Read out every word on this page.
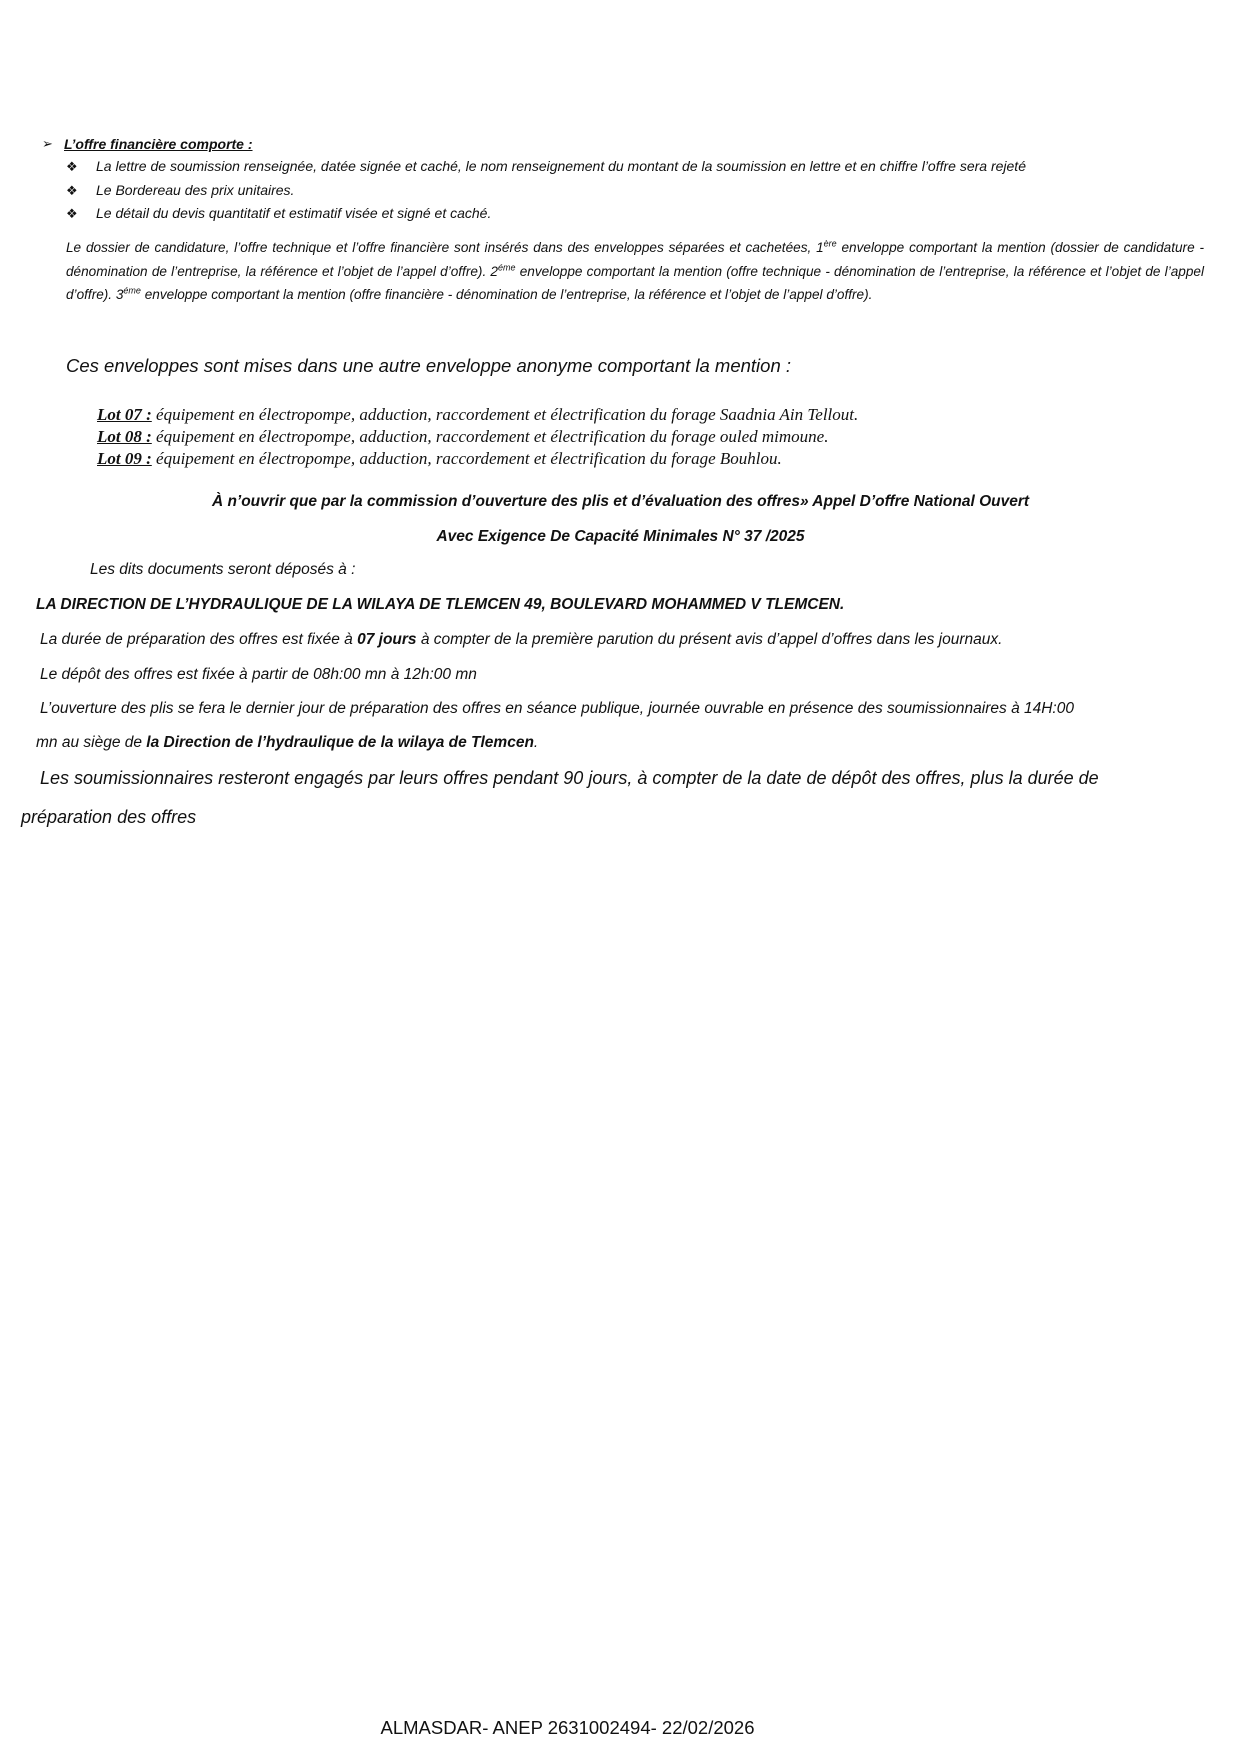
➢ L’offre financière comporte :
❖	La lettre de soumission renseignée, datée signée et caché, le nom renseignement du montant de la soumission en lettre et en chiffre l’offre sera rejeté
❖	Le Bordereau des prix unitaires.
❖	Le détail du devis quantitatif et estimatif visée et signé et caché.

Le dossier de candidature, l’offre technique et l’offre financière sont insérés dans des enveloppes séparées et cachetées, 1ère enveloppe comportant la mention (dossier de candidature - dénomination de l’entreprise, la référence et l’objet de l’appel d’offre). $2^{éme}$ enveloppe comportant la mention (offre technique - dénomination de l’entreprise, la référence et l’objet de l’appel d’offre). $3^{éme}$ enveloppe comportant la mention (offre financière - dénomination de l’entreprise, la référence et l’objet de l’appel d’offre).

Ces enveloppes sont mises dans une autre enveloppe anonyme comportant la mention :
Lot 07 : équipement en électropompe, adduction, raccordement et électrification du forage Saadnia Ain Tellout.
Lot 08 : équipement en électropompe, adduction, raccordement et électrification du forage ouled mimoune.
Lot 09 : équipement en électropompe, adduction, raccordement et électrification du forage Bouhlou.
À n’ouvrir que par la commission d’ouverture des plis et d’évaluation des offres» Appel D’offre National Ouvert
Avec Exigence De Capacité Minimales N° 37 /2025
Les dits documents seront déposés à :
LA DIRECTION DE L’HYDRAULIQUE DE LA WILAYA DE TLEMCEN 49, BOULEVARD MOHAMMED V TLEMCEN.
La durée de préparation des offres est fixée à 07 jours à compter de la première parution du présent avis d’appel d’offres dans les journaux.
Le dépôt des offres est fixée à partir de 08h:00 mn à 12h:00 mn
L’ouverture des plis se fera le dernier jour de préparation des offres en séance publique, journée ouvrable en présence des soumissionnaires à 14H:00
mn au siège de la Direction de l’hydraulique de la wilaya de Tlemcen.
Les soumissionnaires resteront engagés par leurs offres pendant 90 jours, à compter de la date de dépôt des offres, plus la durée de
préparation des offres
ALMASDAR- ANEP 2631002494- 22/02/2026
